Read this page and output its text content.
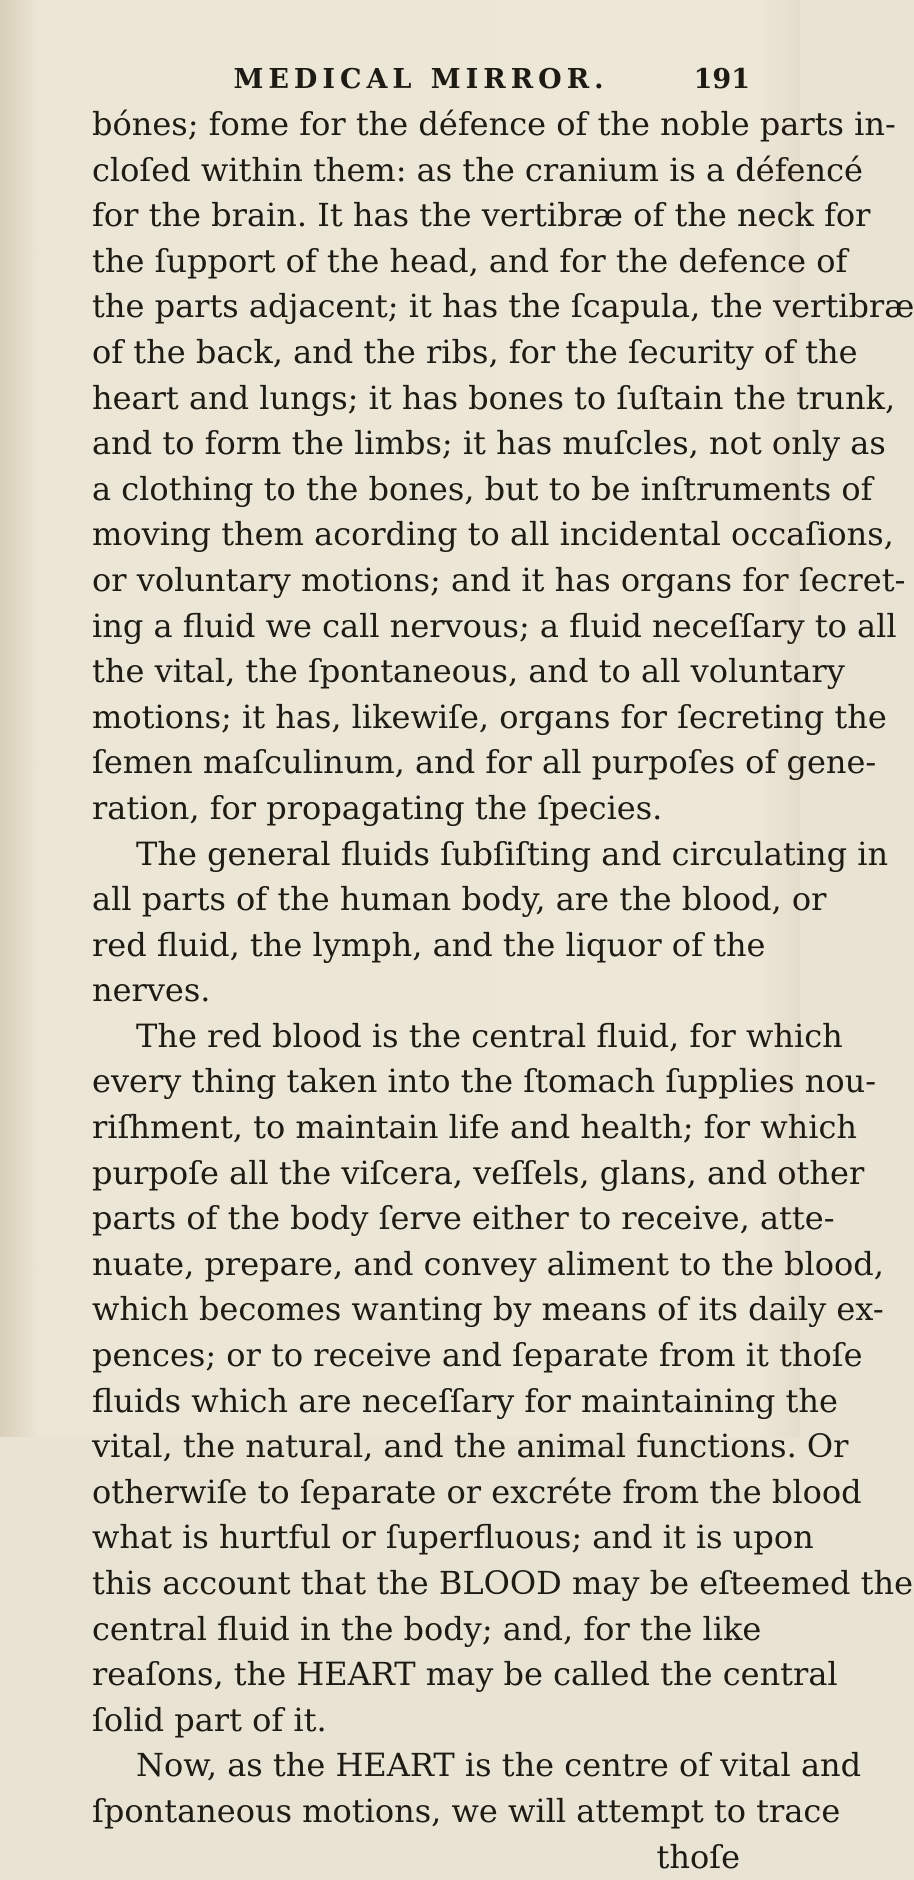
MEDICAL MIRROR.	191
bónes; fome for the défence of the noble parts in-
cloſed within them: as the cranium is a défencé
for the brain. It has the vertibræ of the neck for
the ſupport of the head, and for the defence of
the parts adjacent; it has the ſcapula, the vertibræ
of the back, and the ribs, for the ſecurity of the
heart and lungs; it has bones to ſuſtain the trunk,
and to form the limbs; it has muſcles, not only as
a clothing to the bones, but to be inſtruments of
moving them acording to all incidental occaſions,
or voluntary motions; and it has organs for ſecret-
ing a fluid we call nervous; a fluid neceſſary to all
the vital, the ſpontaneous, and to all voluntary
motions; it has, likewiſe, organs for ſecreting the
ſemen maſculinum, and for all purpoſes of gene-
ration, for propagating the ſpecies.
The general fluids ſubſiſting and circulating in
all parts of the human body, are the blood, or
red fluid, the lymph, and the liquor of the
nerves.
The red blood is the central fluid, for which
every thing taken into the ſtomach ſupplies nou-
riſhment, to maintain life and health; for which
purpoſe all the viſcera, veſſels, glans, and other
parts of the body ſerve either to receive, atte-
nuate, prepare, and convey aliment to the blood,
which becomes wanting by means of its daily ex-
pences; or to receive and ſeparate from it thoſe
fluids which are neceſſary for maintaining the
vital, the natural, and the animal functions. Or
otherwiſe to ſeparate or excréte from the blood
what is hurtful or ſuperfluous; and it is upon
this account that the BLOOD may be eſteemed the
central fluid in the body; and, for the like
reaſons, the HEART may be called the central
ſolid part of it.
Now, as the HEART is the centre of vital and
ſpontaneous motions, we will attempt to trace
thoſe
